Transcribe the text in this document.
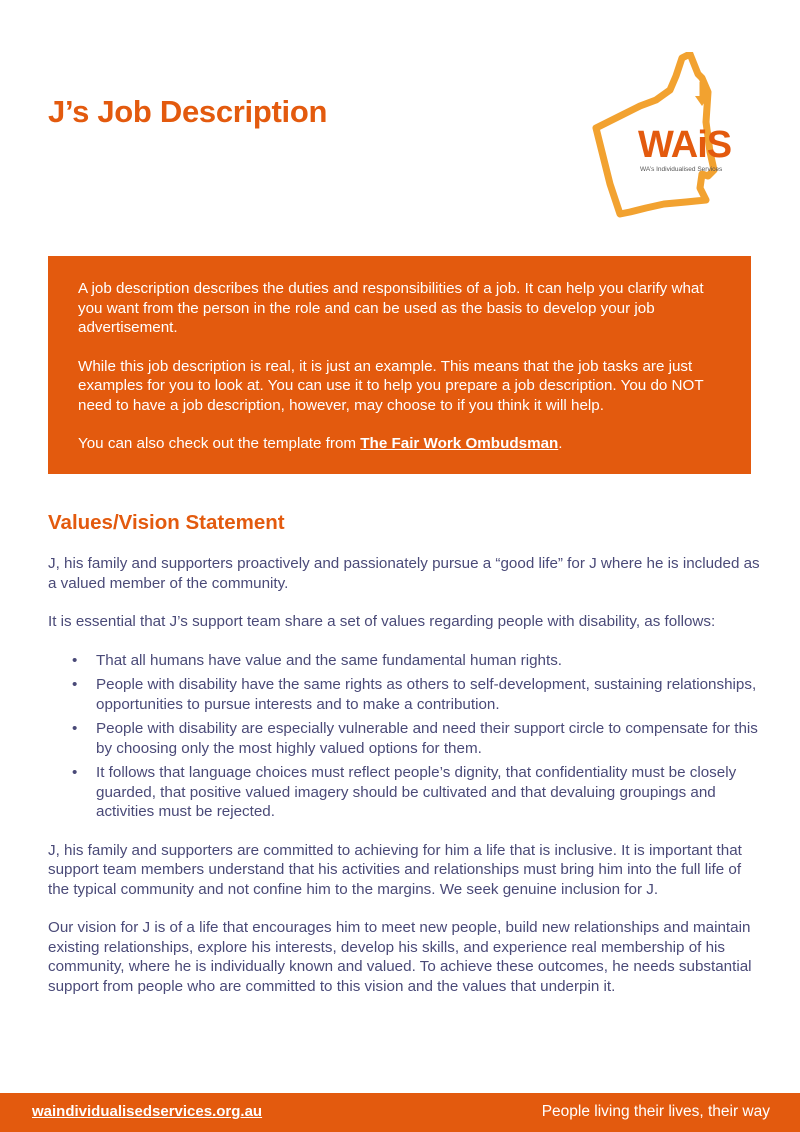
J’s Job Description
WAiS
WA’s Individualised Services

A job description describes the duties and responsibilities of a job. It can help you clarify what you want from the person in the role and can be used as the basis to develop your job advertisement.

While this job description is real, it is just an example. This means that the job tasks are just examples for you to look at. You can use it to help you prepare a job description. You do NOT need to have a job description, however, may choose to if you think it will help.

You can also check out the template from The Fair Work Ombudsman.

Values/Vision Statement

J, his family and supporters proactively and passionately pursue a “good life” for J where he is included as a valued member of the community.

It is essential that J’s support team share a set of values regarding people with disability, as follows:

• That all humans have value and the same fundamental human rights.
• People with disability have the same rights as others to self-development, sustaining relationships, opportunities to pursue interests and to make a contribution.
• People with disability are especially vulnerable and need their support circle to compensate for this by choosing only the most highly valued options for them.
• It follows that language choices must reflect people’s dignity, that confidentiality must be closely guarded, that positive valued imagery should be cultivated and that devaluing groupings and activities must be rejected.

J, his family and supporters are committed to achieving for him a life that is inclusive. It is important that support team members understand that his activities and relationships must bring him into the full life of the typical community and not confine him to the margins. We seek genuine inclusion for J.

Our vision for J is of a life that encourages him to meet new people, build new relationships and maintain existing relationships, explore his interests, develop his skills, and experience real membership of his community, where he is individually known and valued. To achieve these outcomes, he needs substantial support from people who are committed to this vision and the values that underpin it.

waindividualisedservices.org.au	People living their lives, their way
